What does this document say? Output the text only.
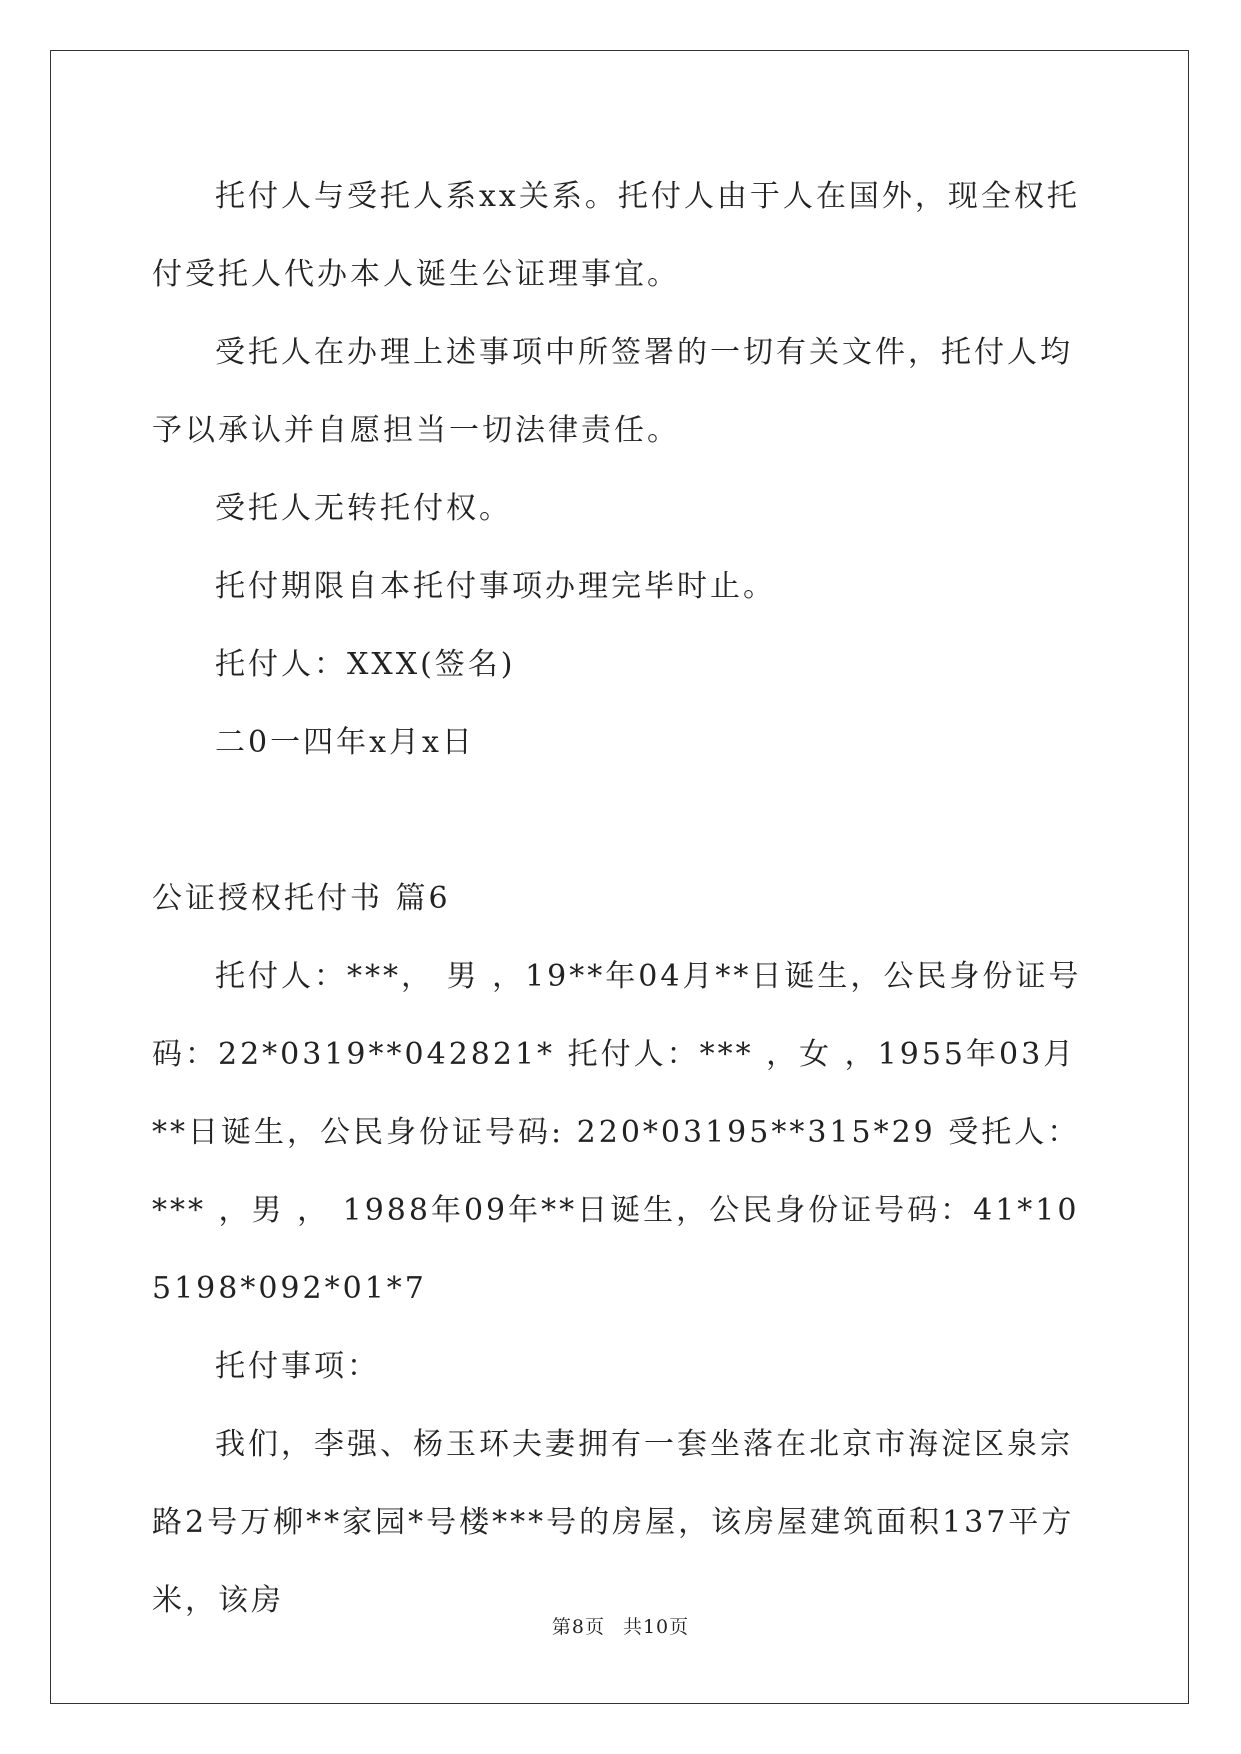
托付人与受托人系xx关系。托付人由于人在国外，现全权托付受托人代办本人诞生公证理事宜。

受托人在办理上述事项中所签署的一切有关文件，托付人均予以承认并自愿担当一切法律责任。

受托人无转托付权。

托付期限自本托付事项办理完毕时止。

托付人：XXX(签名)

二0一四年x月x日

公证授权托付书 篇6

托付人：***， 男 ，19**年04月**日诞生，公民身份证号码：22*0319**042821* 托付人：*** ，女 ，1955年03月**日诞生，公民身份证号码: 220*03195**315*29 受托人：*** ，男 ， 1988年09年**日诞生，公民身份证号码：41*105198*092*01*7

托付事项：

我们，李强、杨玉环夫妻拥有一套坐落在北京市海淀区泉宗路2号万柳**家园*号楼***号的房屋，该房屋建筑面积137平方米，该房

第8页 共10页
